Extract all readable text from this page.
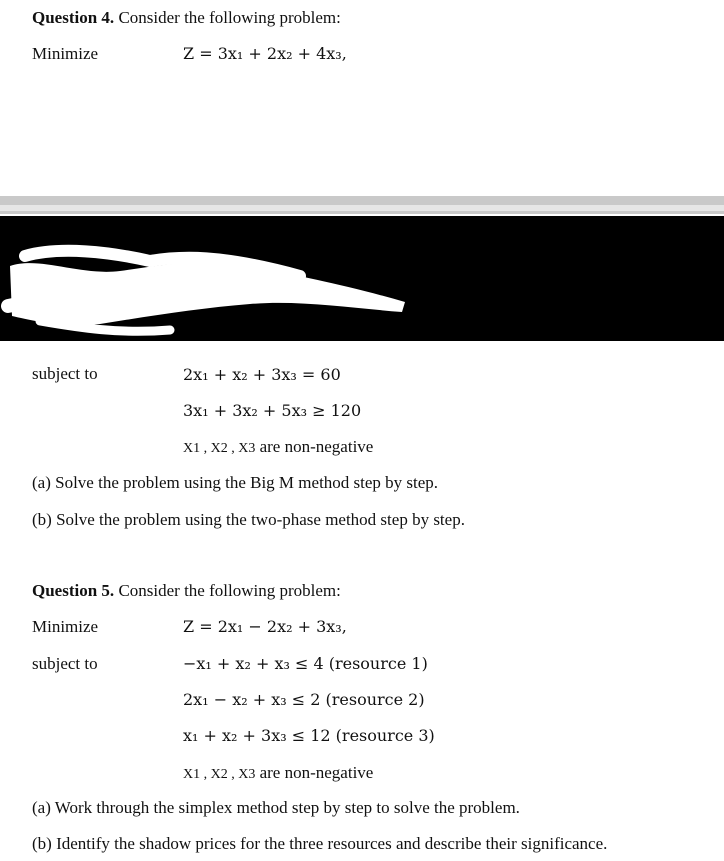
Question 4. Consider the following problem:
Minimize	Z = 3x₁ + 2x₂ + 4x₃,
subject to	2x₁ + x₂ + 3x₃ = 60
3x₁ + 3x₂ + 5x₃ ≥ 120
X1 , X2 , X3 are non-negative
(a) Solve the problem using the Big M method step by step.
(b) Solve the problem using the two-phase method step by step.
Question 5. Consider the following problem:
Minimize	Z = 2x₁ − 2x₂ + 3x₃,
subject to	−x₁ + x₂ + x₃ ≤ 4 (resource 1)
2x₁ − x₂ + x₃ ≤ 2 (resource 2)
x₁ + x₂ + 3x₃ ≤ 12 (resource 3)
X1 , X2 , X3 are non-negative
(a) Work through the simplex method step by step to solve the problem.
(b) Identify the shadow prices for the three resources and describe their significance.
